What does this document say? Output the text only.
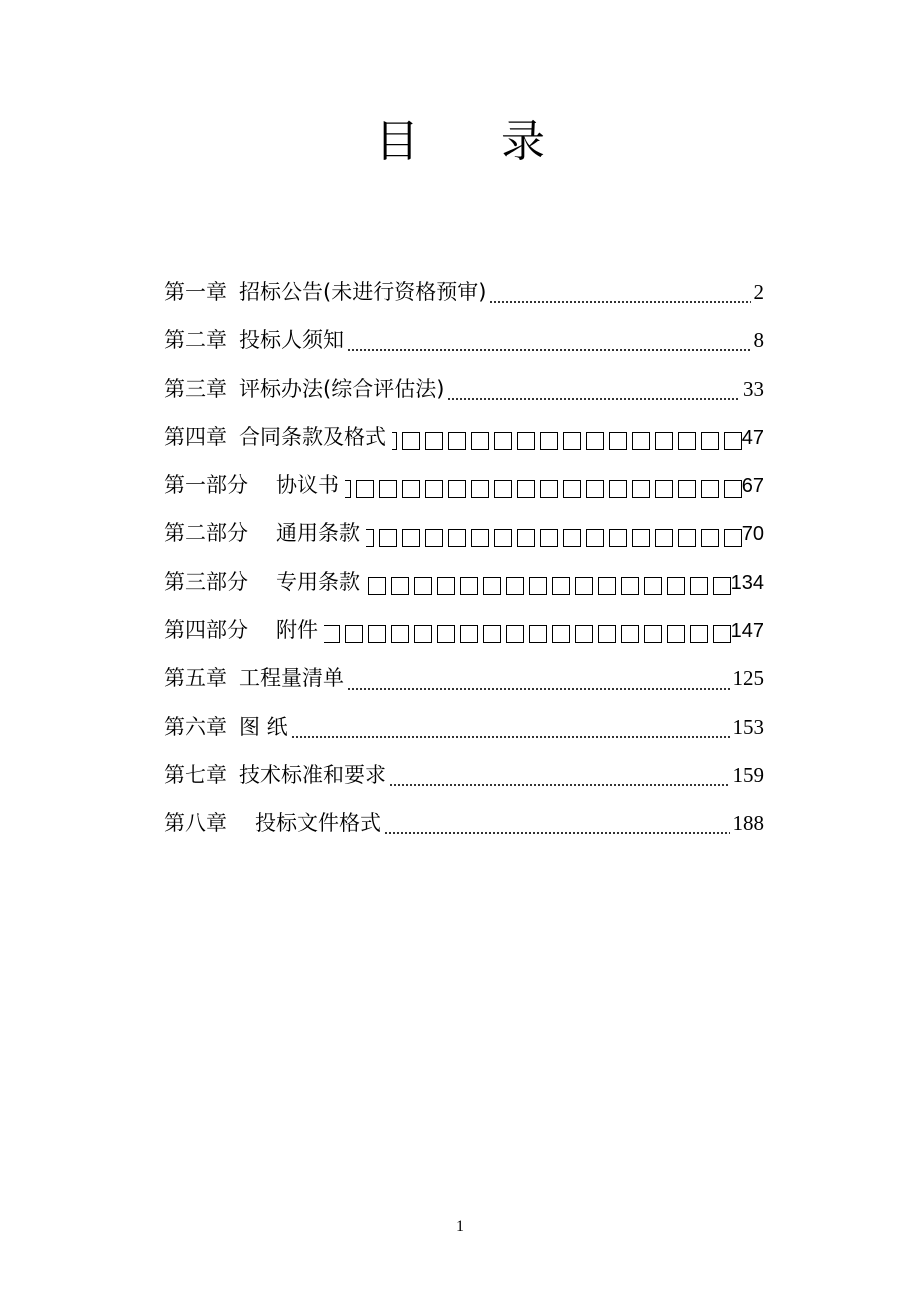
目 录
第一章 招标公告(未进行资格预审)	2
第二章 投标人须知	8
第三章 评标办法(综合评估法)	33
第四章 合同条款及格式	47
第一部分 协议书	67
第二部分 通用条款	70
第三部分 专用条款	134
第四部分 附件	147
第五章 工程量清单	125
第六章 图 纸	153
第七章 技术标准和要求	159
第八章 投标文件格式	188
1
